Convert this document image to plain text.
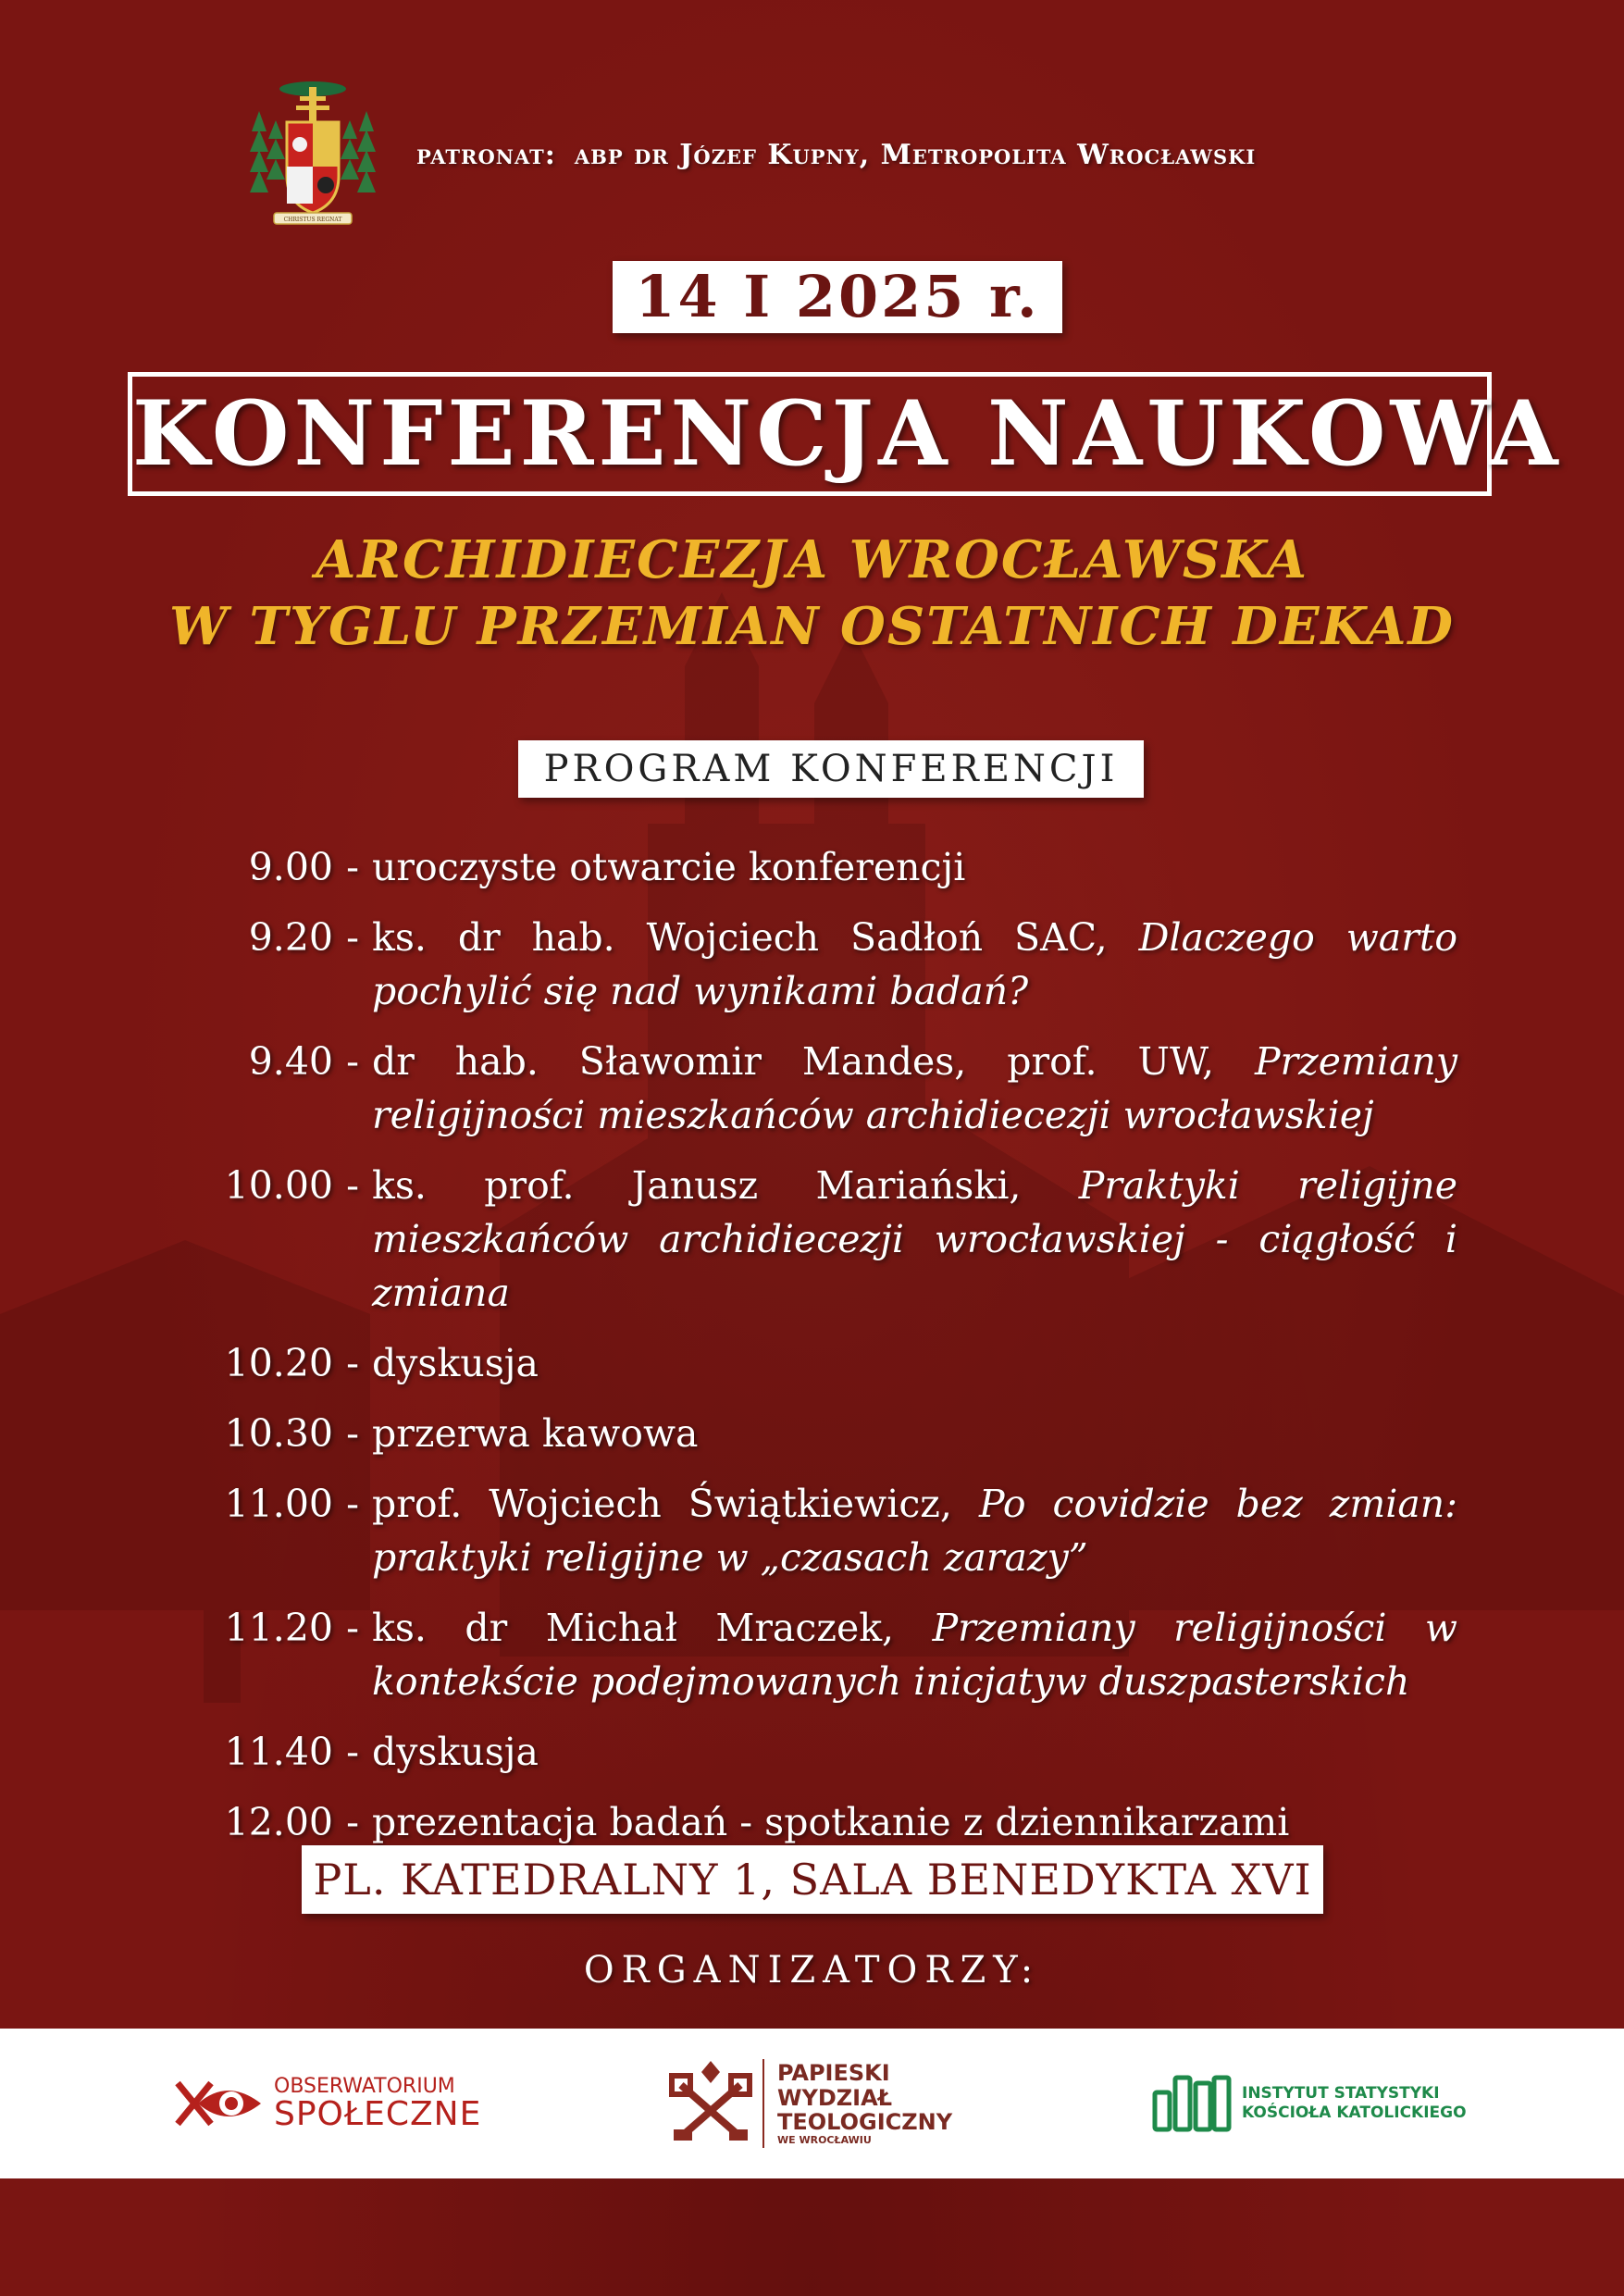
CHRISTUS REGNAT
patronat: abp dr Józef Kupny, Metropolita Wrocławski
14 I 2025 r.
KONFERENCJA NAUKOWA
ARCHIDIECEZJA WROCŁAWSKA
W TYGLU PRZEMIAN OSTATNICH DEKAD
PROGRAM KONFERENCJI
9.00 - uroczyste otwarcie konferencji
9.20 - ks. dr hab. Wojciech Sadłoń SAC, Dlaczego warto pochylić się nad wynikami badań?
9.40 - dr hab. Sławomir Mandes, prof. UW, Przemiany religijności mieszkańców archidiecezji wrocławskiej
10.00 - ks. prof. Janusz Mariański, Praktyki religijne mieszkańców archidiecezji wrocławskiej - ciągłość i zmiana
10.20 - dyskusja
10.30 - przerwa kawowa
11.00 - prof. Wojciech Świątkiewicz, Po covidzie bez zmian: praktyki religijne w „czasach zarazy”
11.20 - ks. dr Michał Mraczek, Przemiany religijności w kontekście podejmowanych inicjatyw duszpasterskich
11.40 - dyskusja
12.00 - prezentacja badań - spotkanie z dziennikarzami
PL. KATEDRALNY 1, SALA BENEDYKTA XVI
ORGANIZATORZY:
OBSERWATORIUM
SPOŁECZNE
PAPIESKI
WYDZIAŁ
TEOLOGICZNY
WE WROCŁAWIU
INSTYTUT STATYSTYKI
KOŚCIOŁA KATOLICKIEGO
